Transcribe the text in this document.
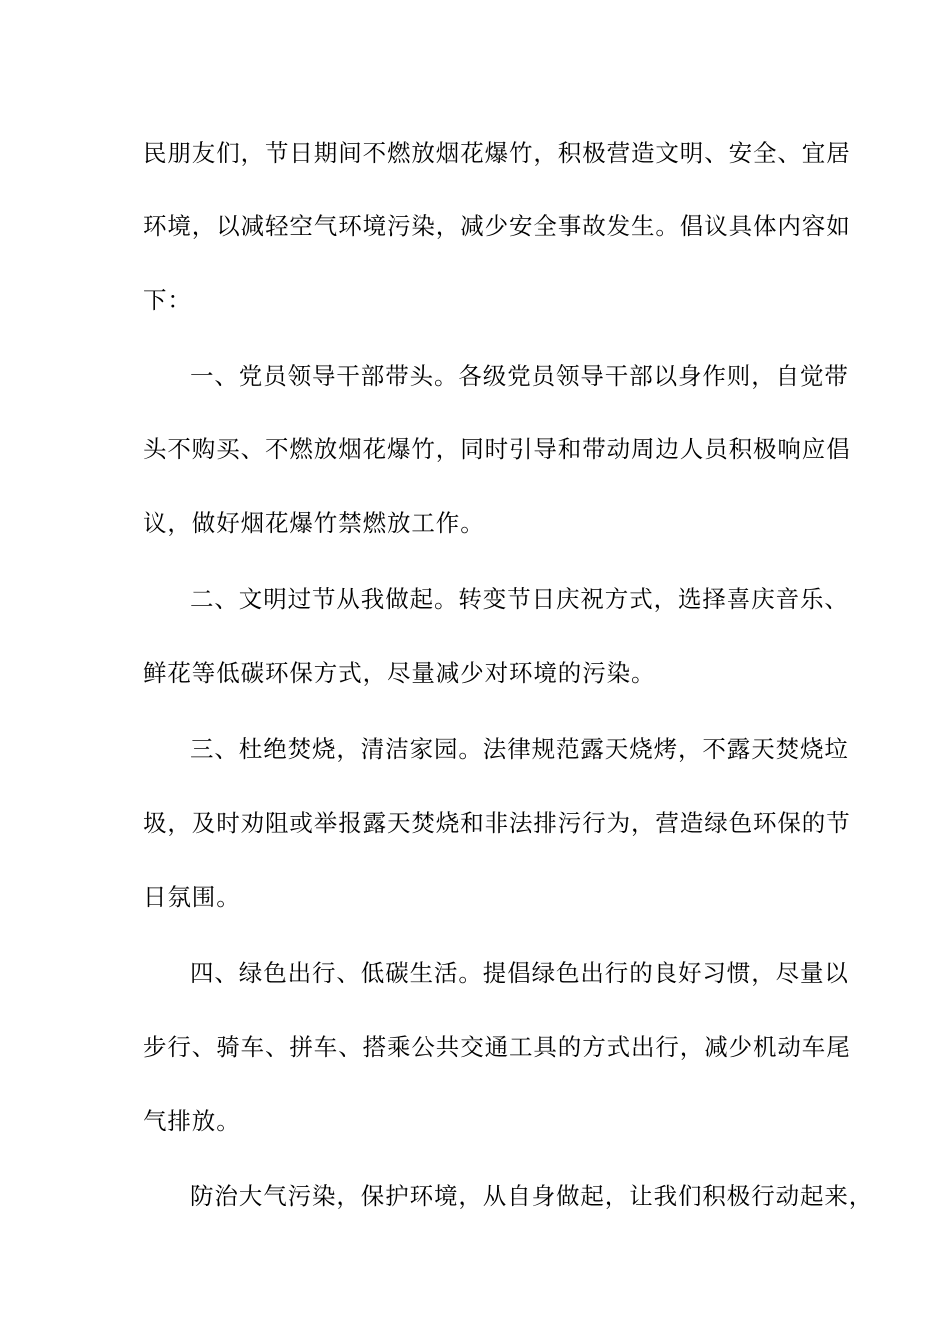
民朋友们，节日期间不燃放烟花爆竹，积极营造文明、安全、宜居
环境，以减轻空气环境污染，减少安全事故发生。倡议具体内容如
下：
一、党员领导干部带头。各级党员领导干部以身作则，自觉带
头不购买、不燃放烟花爆竹，同时引导和带动周边人员积极响应倡
议，做好烟花爆竹禁燃放工作。
二、文明过节从我做起。转变节日庆祝方式，选择喜庆音乐、
鲜花等低碳环保方式，尽量减少对环境的污染。
三、杜绝焚烧，清洁家园。法律规范露天烧烤，不露天焚烧垃
圾，及时劝阻或举报露天焚烧和非法排污行为，营造绿色环保的节
日氛围。
四、绿色出行、低碳生活。提倡绿色出行的良好习惯，尽量以
步行、骑车、拼车、搭乘公共交通工具的方式出行，减少机动车尾
气排放。
防治大气污染，保护环境，从自身做起，让我们积极行动起来，
